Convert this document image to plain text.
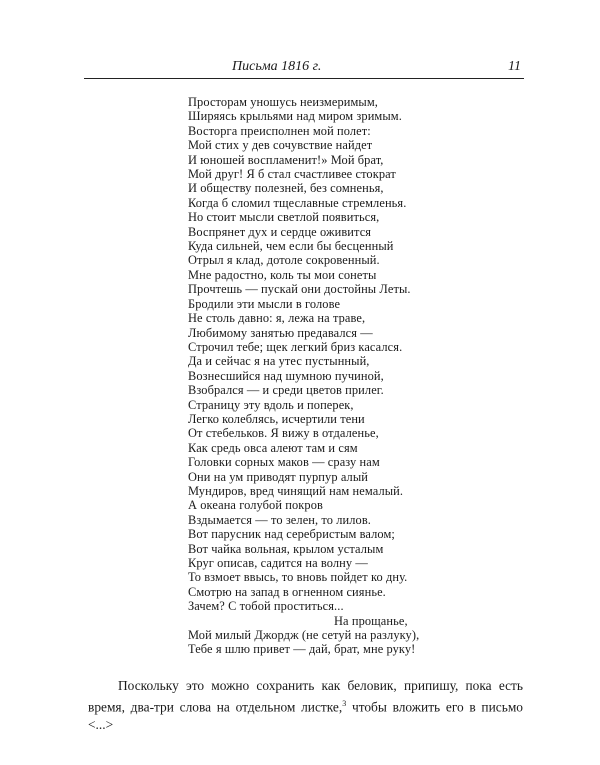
Письма 1816 г.	11
Просторам уношусь неизмеримым,
Ширяясь крыльями над миром зримым.
Восторга преисполнен мой полет:
Мой стих у дев сочувствие найдет
И юношей воспламенит!» Мой брат,
Мой друг! Я б стал счастливее стократ
И обществу полезней, без сомненья,
Когда б сломил тщеславные стремленья.
Но стоит мысли светлой появиться,
Воспрянет дух и сердце оживится
Куда сильней, чем если бы бесценный
Отрыл я клад, дотоле сокровенный.
Мне радостно, коль ты мои сонеты
Прочтешь — пускай они достойны Леты.
Бродили эти мысли в голове
Не столь давно: я, лежа на траве,
Любимому занятью предавался —
Строчил тебе; щек легкий бриз касался.
Да и сейчас я на утес пустынный,
Вознесшийся над шумною пучиной,
Взобрался — и среди цветов прилег.
Страницу эту вдоль и поперек,
Легко колеблясь, исчертили тени
От стебельков. Я вижу в отдаленье,
Как средь овса алеют там и сям
Головки сорных маков — сразу нам
Они на ум приводят пурпур алый
Мундиров, вред чинящий нам немалый.
А океана голубой покров
Вздымается — то зелен, то лилов.
Вот парусник над серебристым валом;
Вот чайка вольная, крылом усталым
Круг описав, садится на волну —
То взмоет ввысь, то вновь пойдет ко дну.
Смотрю на запад в огненном сиянье.
Зачем? С тобой проститься...
На прощанье,
Мой милый Джордж (не сетуй на разлуку),
Тебе я шлю привет — дай, брат, мне руку!

Поскольку это можно сохранить как беловик, припишу, пока есть время, два-три слова на отдельном листке,$^3$ чтобы вложить его в письмо <...>
